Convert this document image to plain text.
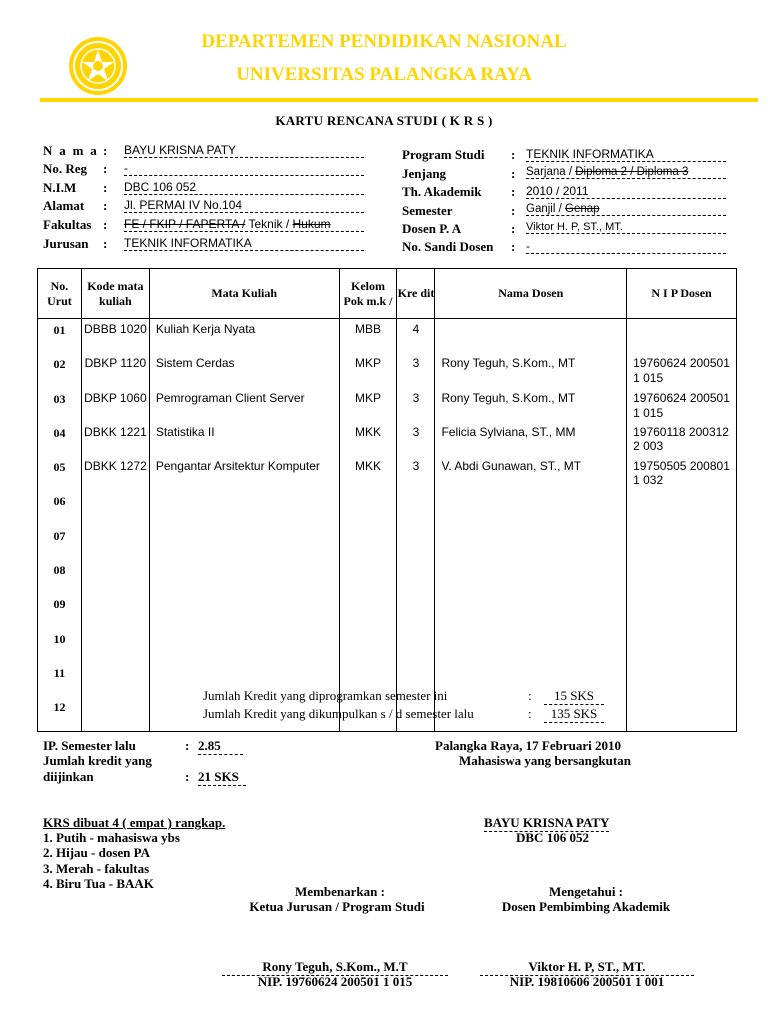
DEPARTEMEN PENDIDIKAN NASIONAL
UNIVERSITAS PALANGKA RAYA
KARTU RENCANA STUDI ( K R S )
N a m a : BAYU KRISNA PATY
No. Reg : -
N.I.M : DBC 106 052
Alamat : Jl. PERMAI IV No.104
Fakultas : FE / FKIP / FAPERTA / Teknik / Hukum
Jurusan : TEKNIK INFORMATIKA
Program Studi : TEKNIK INFORMATIKA
Jenjang	: Sarjana / Diploma 2 / Diploma 3
Th. Akademik : 2010 / 2011
Semester	: Ganjil / Genap
Dosen P. A	: Viktor H. P, ST., MT.
No. Sandi Dosen : -
No. Urut	Kode mata kuliah	Mata Kuliah	Kelom Pok m.k /	Kre dit	Nama Dosen	N I P Dosen
01	DBBB 1020	Kuliah Kerja Nyata	MBB	4		
02	DBKP 1120	Sistem Cerdas	MKP	3	Rony Teguh, S.Kom., MT	19760624 200501 1 015
03	DBKP 1060	Pemrograman Client Server	MKP	3	Rony Teguh, S.Kom., MT	19760624 200501 1 015
04	DBKK 1221	Statistika II	MKK	3	Felicia Sylviana, ST., MM	19760118 200312 2 003
05	DBKK 1272	Pengantar Arsitektur Komputer	MKK	3	V. Abdi Gunawan, ST., MT	19750505 200801 1 032
06						
07						
08						
09						
10						
11						
12						
Jumlah Kredit yang diprogramkan semester ini	:	15 SKS
Jumlah Kredit yang dikumpulkan s / d semester lalu	:	135 SKS
IP. Semester lalu	: 2.85
Jumlah kredit yang
diijinkan	: 21 SKS
Palangka Raya, 17 Februari 2010
Mahasiswa yang bersangkutan
BAYU KRISNA PATY
DBC 106 052
KRS dibuat 4 ( empat ) rangkap.
1. Putih - mahasiswa ybs
2. Hijau - dosen PA
3. Merah - fakultas
4. Biru Tua - BAAK
Membenarkan :
Ketua Jurusan / Program Studi
Rony Teguh, S.Kom., M.T
NIP. 19760624 200501 1 015
Mengetahui :
Dosen Pembimbing Akademik
Viktor H. P, ST., MT.
NIP. 19810606 200501 1 001
